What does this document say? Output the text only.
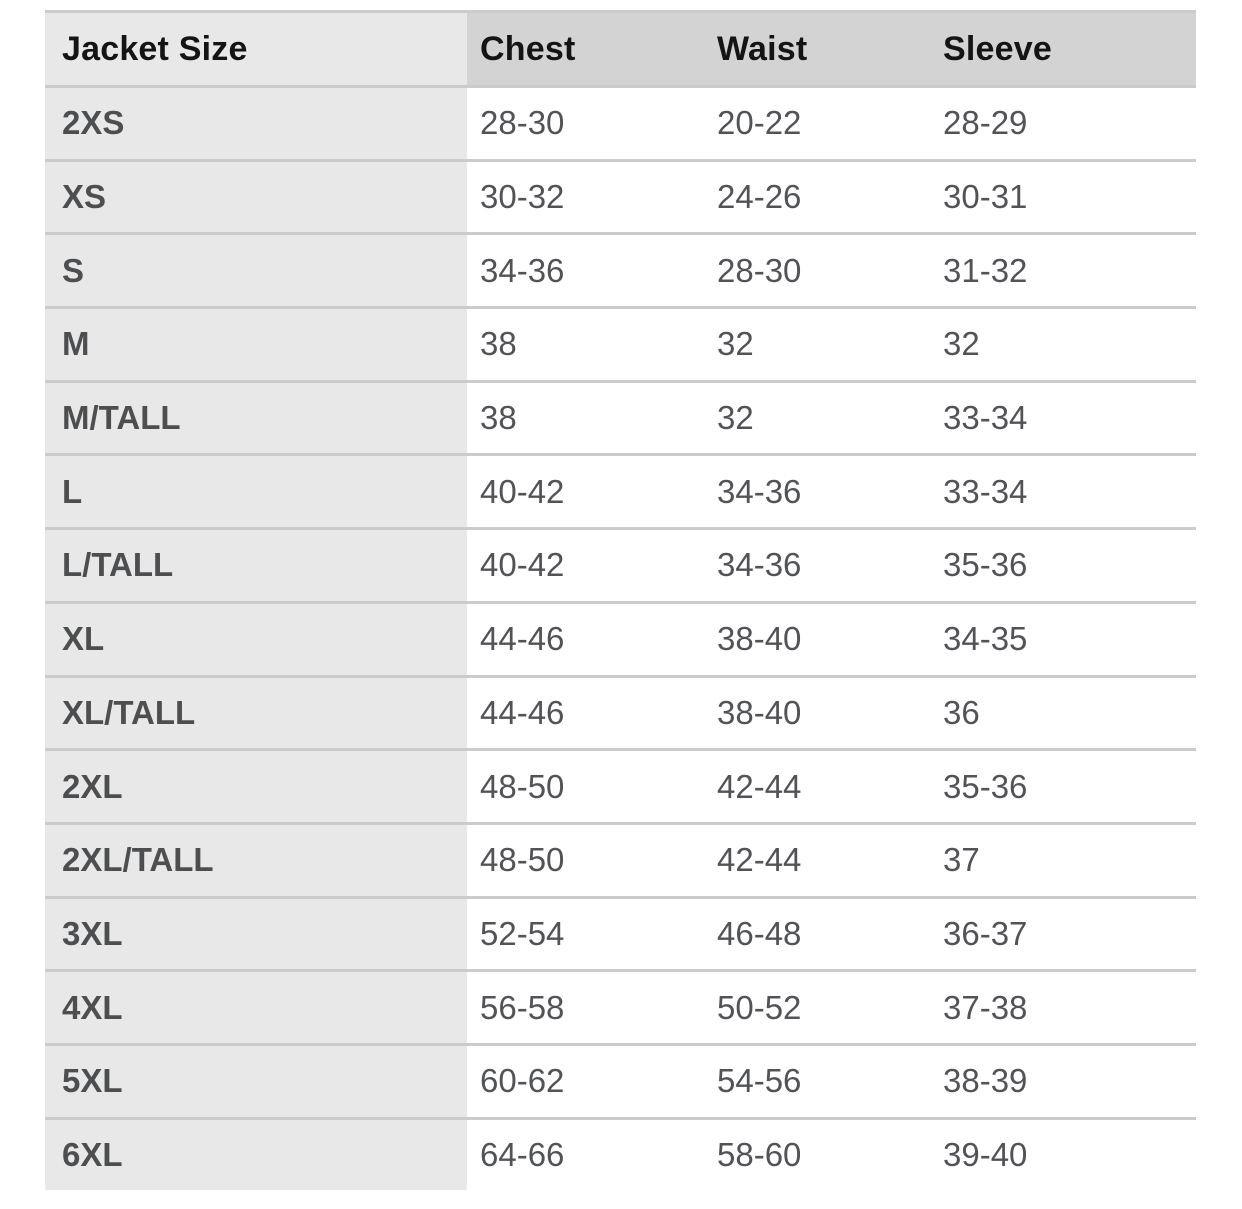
Jacket Size	Chest	Waist	Sleeve
2XS	28-30	20-22	28-29
XS	30-32	24-26	30-31
S	34-36	28-30	31-32
M	38	32	32
M/TALL	38	32	33-34
L	40-42	34-36	33-34
L/TALL	40-42	34-36	35-36
XL	44-46	38-40	34-35
XL/TALL	44-46	38-40	36
2XL	48-50	42-44	35-36
2XL/TALL	48-50	42-44	37
3XL	52-54	46-48	36-37
4XL	56-58	50-52	37-38
5XL	60-62	54-56	38-39
6XL	64-66	58-60	39-40
